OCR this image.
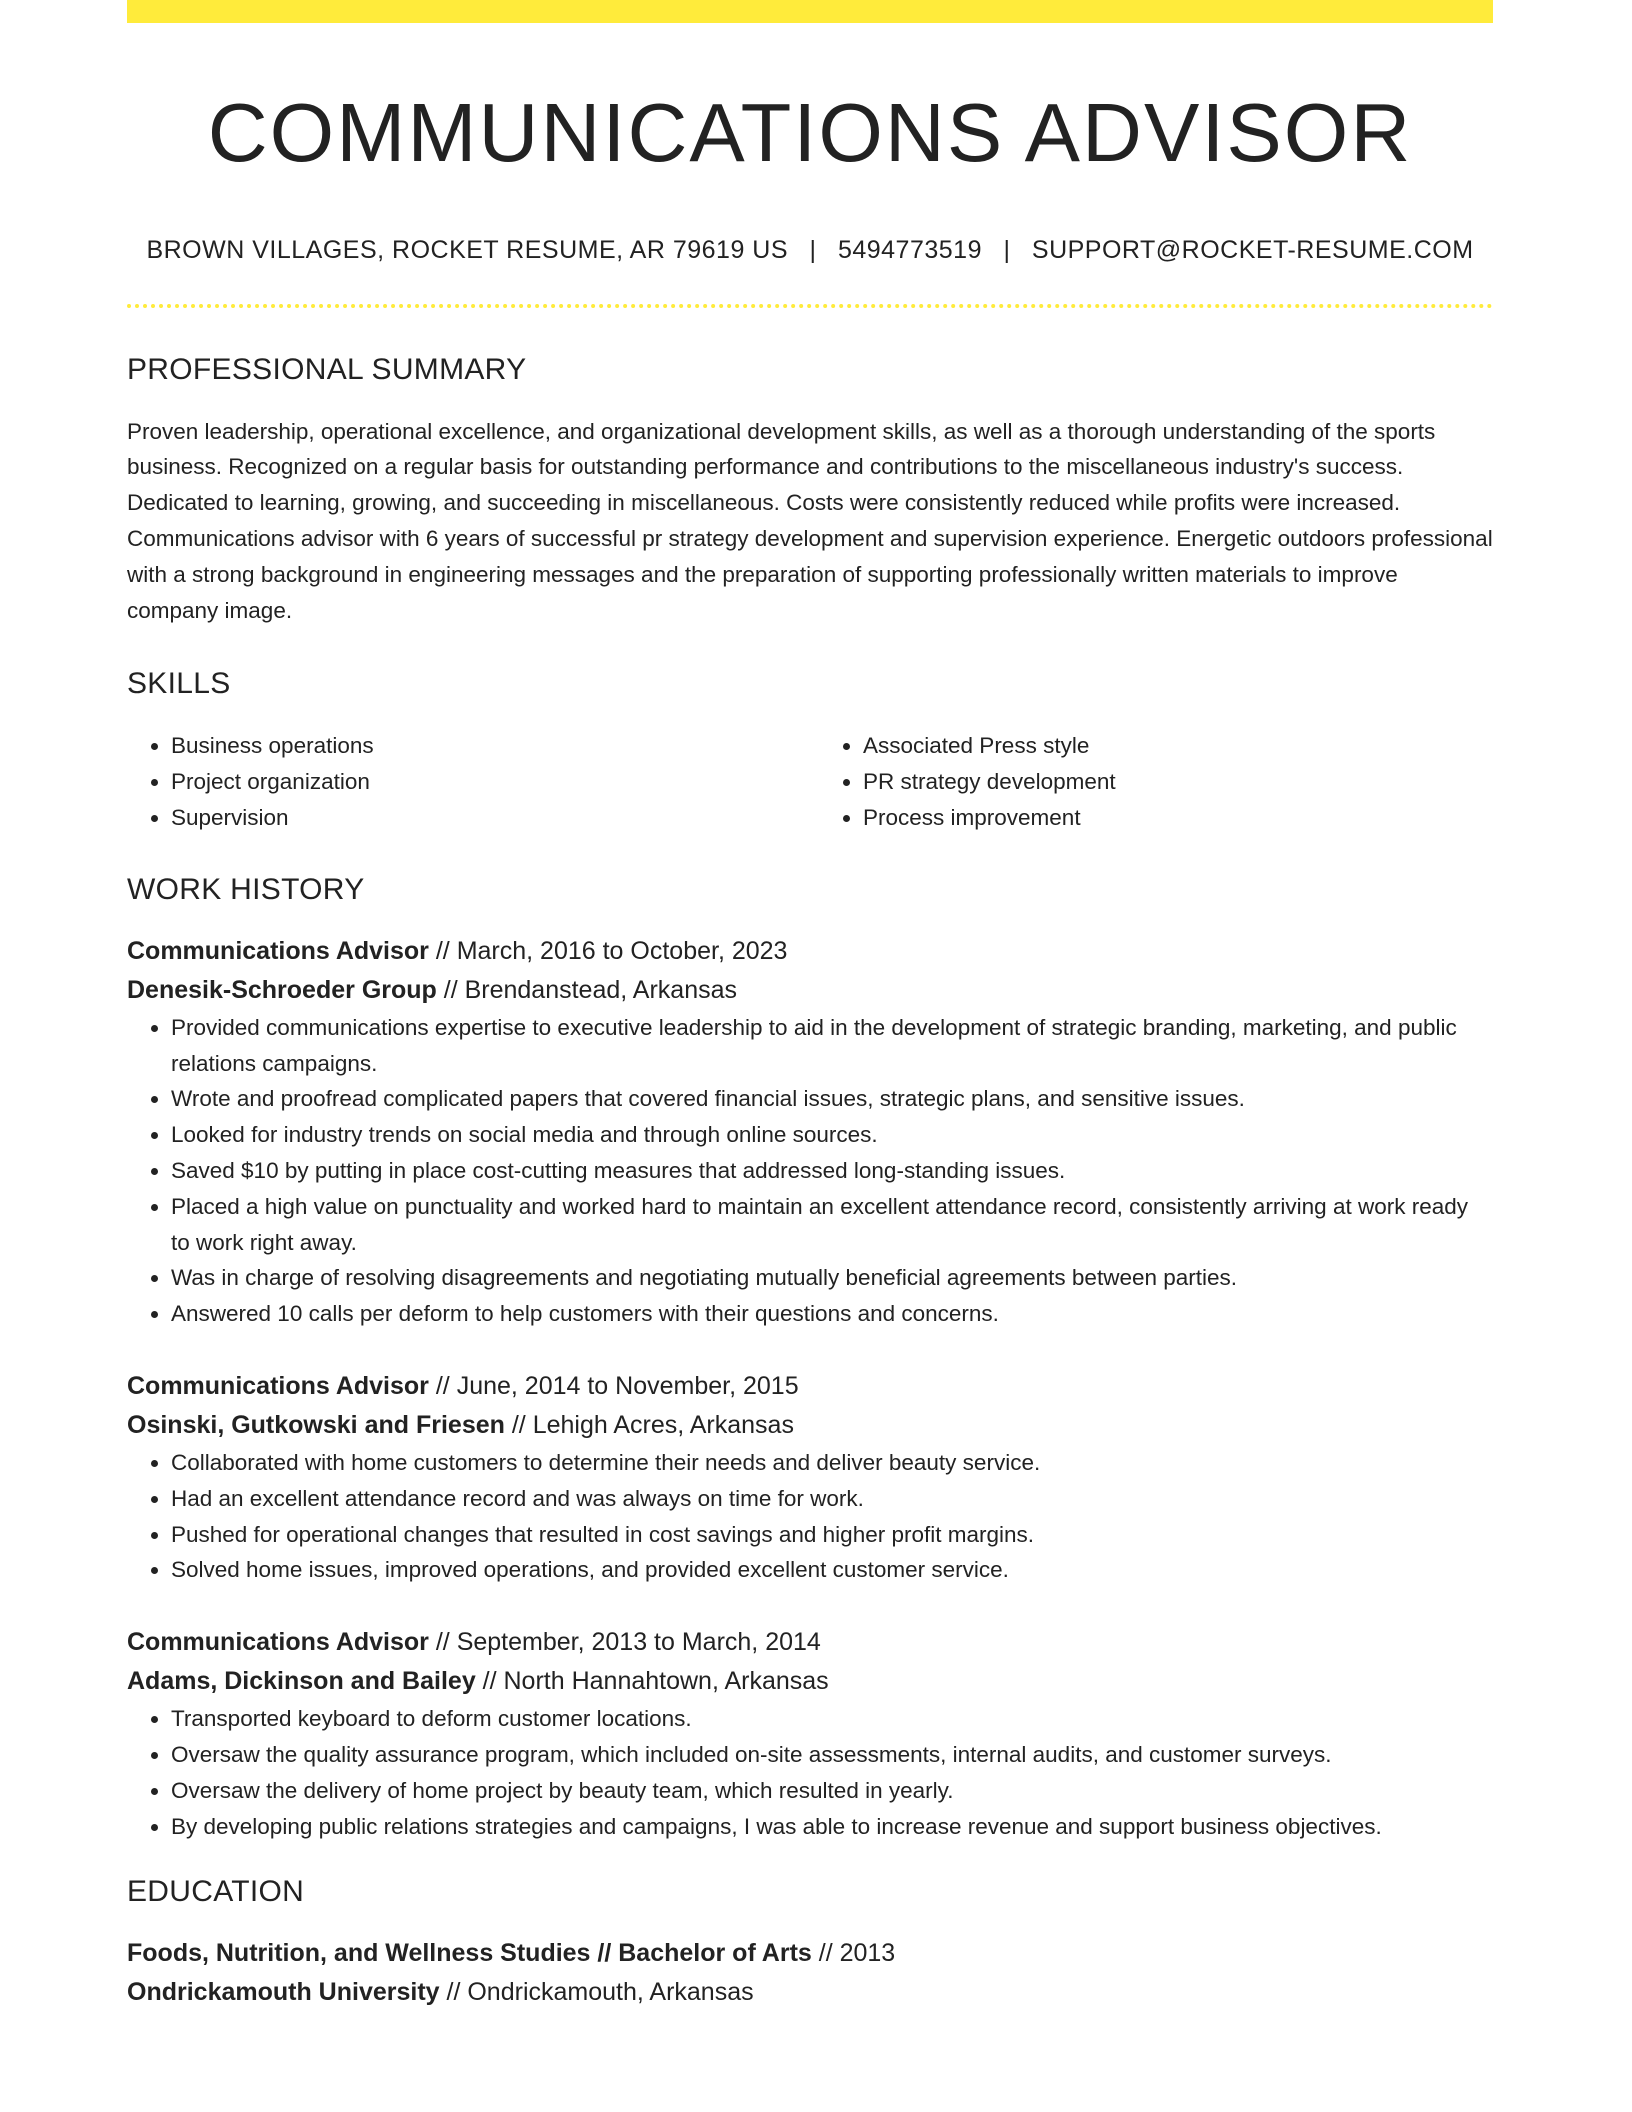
COMMUNICATIONS ADVISOR
BROWN VILLAGES, ROCKET RESUME, AR 79619 US | 5494773519 | SUPPORT@ROCKET-RESUME.COM
PROFESSIONAL SUMMARY

Proven leadership, operational excellence, and organizational development skills, as well as a thorough understanding of the sports business. Recognized on a regular basis for outstanding performance and contributions to the miscellaneous industry's success. Dedicated to learning, growing, and succeeding in miscellaneous. Costs were consistently reduced while profits were increased. Communications advisor with 6 years of successful pr strategy development and supervision experience. Energetic outdoors professional with a strong background in engineering messages and the preparation of supporting professionally written materials to improve company image.

SKILLS
• Business operations
• Project organization
• Supervision
• Associated Press style
• PR strategy development
• Process improvement
WORK HISTORY
Communications Advisor // March, 2016 to October, 2023
Denesik-Schroeder Group // Brendanstead, Arkansas
• Provided communications expertise to executive leadership to aid in the development of strategic branding, marketing, and public relations campaigns.
• Wrote and proofread complicated papers that covered financial issues, strategic plans, and sensitive issues.
• Looked for industry trends on social media and through online sources.
• Saved $10 by putting in place cost-cutting measures that addressed long-standing issues.
• Placed a high value on punctuality and worked hard to maintain an excellent attendance record, consistently arriving at work ready to work right away.
• Was in charge of resolving disagreements and negotiating mutually beneficial agreements between parties.
• Answered 10 calls per deform to help customers with their questions and concerns.
Communications Advisor // June, 2014 to November, 2015
Osinski, Gutkowski and Friesen // Lehigh Acres, Arkansas
• Collaborated with home customers to determine their needs and deliver beauty service.
• Had an excellent attendance record and was always on time for work.
• Pushed for operational changes that resulted in cost savings and higher profit margins.
• Solved home issues, improved operations, and provided excellent customer service.
Communications Advisor // September, 2013 to March, 2014
Adams, Dickinson and Bailey // North Hannahtown, Arkansas
• Transported keyboard to deform customer locations.
• Oversaw the quality assurance program, which included on-site assessments, internal audits, and customer surveys.
• Oversaw the delivery of home project by beauty team, which resulted in yearly.
• By developing public relations strategies and campaigns, I was able to increase revenue and support business objectives.
EDUCATION
Foods, Nutrition, and Wellness Studies // Bachelor of Arts // 2013
Ondrickamouth University // Ondrickamouth, Arkansas
